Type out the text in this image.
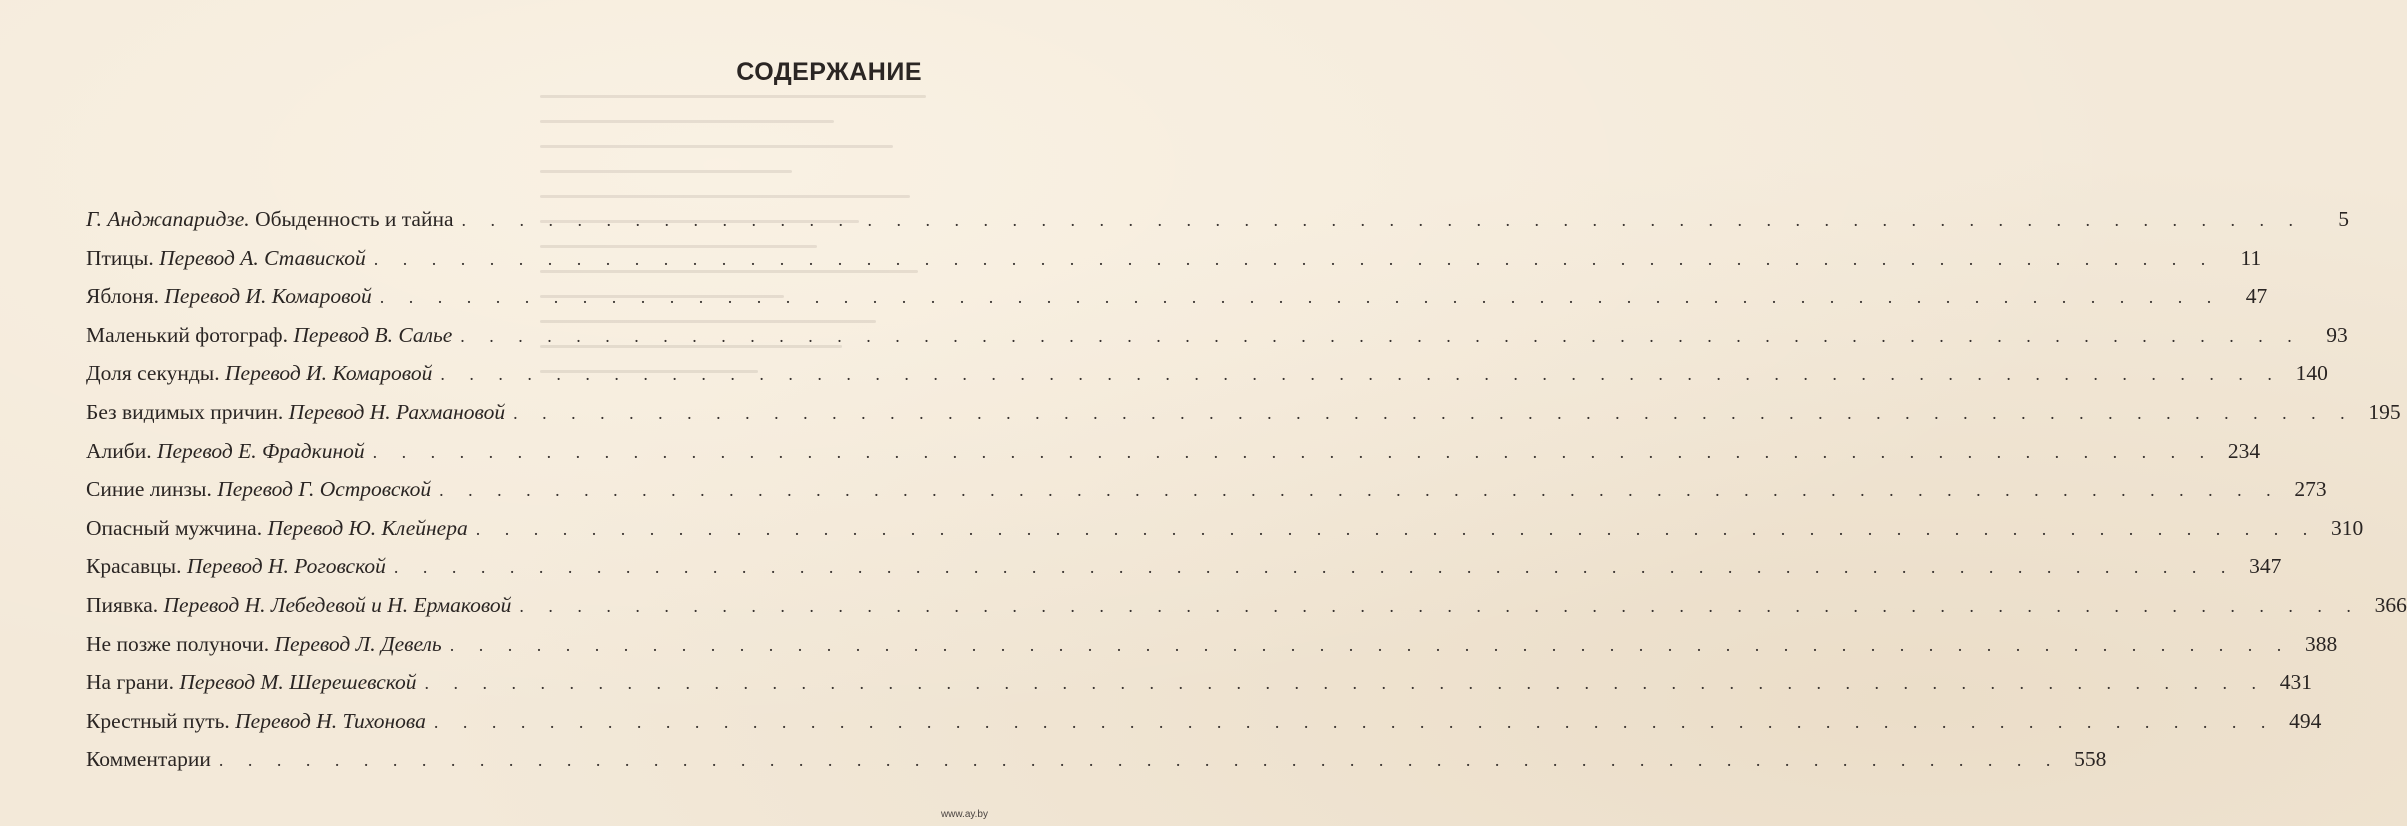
СОДЕРЖАНИЕ
Г. Анджапаридзе. Обыденность и тайна . . . . . . . . . . . . . . . . . . . . . . . . . . . . . . . . . . . . . . . . . . . . . . . . . . . . . . . . . . . . . . . .	5
Птицы. Перевод А. Ставиской . . . . . . . . . . . . . . . . . . . . . . . . . . . . . . . . . . . . . . . . . . . . . . . . . . . . . . . . . . . . . . . .	11
Яблоня. Перевод И. Комаровой . . . . . . . . . . . . . . . . . . . . . . . . . . . . . . . . . . . . . . . . . . . . . . . . . . . . . . . . . . . . . . . .	47
Маленький фотограф. Перевод В. Салье . . . . . . . . . . . . . . . . . . . . . . . . . . . . . . . . . . . . . . . . . . . . . . . . . . . . . . . . . . . . . . . .	93
Доля секунды. Перевод И. Комаровой . . . . . . . . . . . . . . . . . . . . . . . . . . . . . . . . . . . . . . . . . . . . . . . . . . . . . . . . . . . . . . . . 140
Без видимых причин. Перевод Н. Рахмановой . . . . . . . . . . . . . . . . . . . . . . . . . . . . . . . . . . . . . . . . . . . . . . . . . . . . . . . . . . . . . . . . 195
Алиби. Перевод Е. Фрадкиной . . . . . . . . . . . . . . . . . . . . . . . . . . . . . . . . . . . . . . . . . . . . . . . . . . . . . . . . . . . . . . . . 234
Синие линзы. Перевод Г. Островской . . . . . . . . . . . . . . . . . . . . . . . . . . . . . . . . . . . . . . . . . . . . . . . . . . . . . . . . . . . . . . . . 273
Опасный мужчина. Перевод Ю. Клейнера . . . . . . . . . . . . . . . . . . . . . . . . . . . . . . . . . . . . . . . . . . . . . . . . . . . . . . . . . . . . . . . . 310
Красавцы. Перевод Н. Роговской . . . . . . . . . . . . . . . . . . . . . . . . . . . . . . . . . . . . . . . . . . . . . . . . . . . . . . . . . . . . . . . . 347
Пиявка. Перевод Н. Лебедевой и Н. Ермаковой . . . . . . . . . . . . . . . . . . . . . . . . . . . . . . . . . . . . . . . . . . . . . . . . . . . . . . . . . . . . . . . . 366
Не позже полуночи. Перевод Л. Девель . . . . . . . . . . . . . . . . . . . . . . . . . . . . . . . . . . . . . . . . . . . . . . . . . . . . . . . . . . . . . . . . 388
На грани. Перевод М. Шерешевской . . . . . . . . . . . . . . . . . . . . . . . . . . . . . . . . . . . . . . . . . . . . . . . . . . . . . . . . . . . . . . . . 431
Крестный путь. Перевод Н. Тихонова . . . . . . . . . . . . . . . . . . . . . . . . . . . . . . . . . . . . . . . . . . . . . . . . . . . . . . . . . . . . . . . . 494
Комментарии . . . . . . . . . . . . . . . . . . . . . . . . . . . . . . . . . . . . . . . . . . . . . . . . . . . . . . . . . . . . . . . . 558
www.ay.by
